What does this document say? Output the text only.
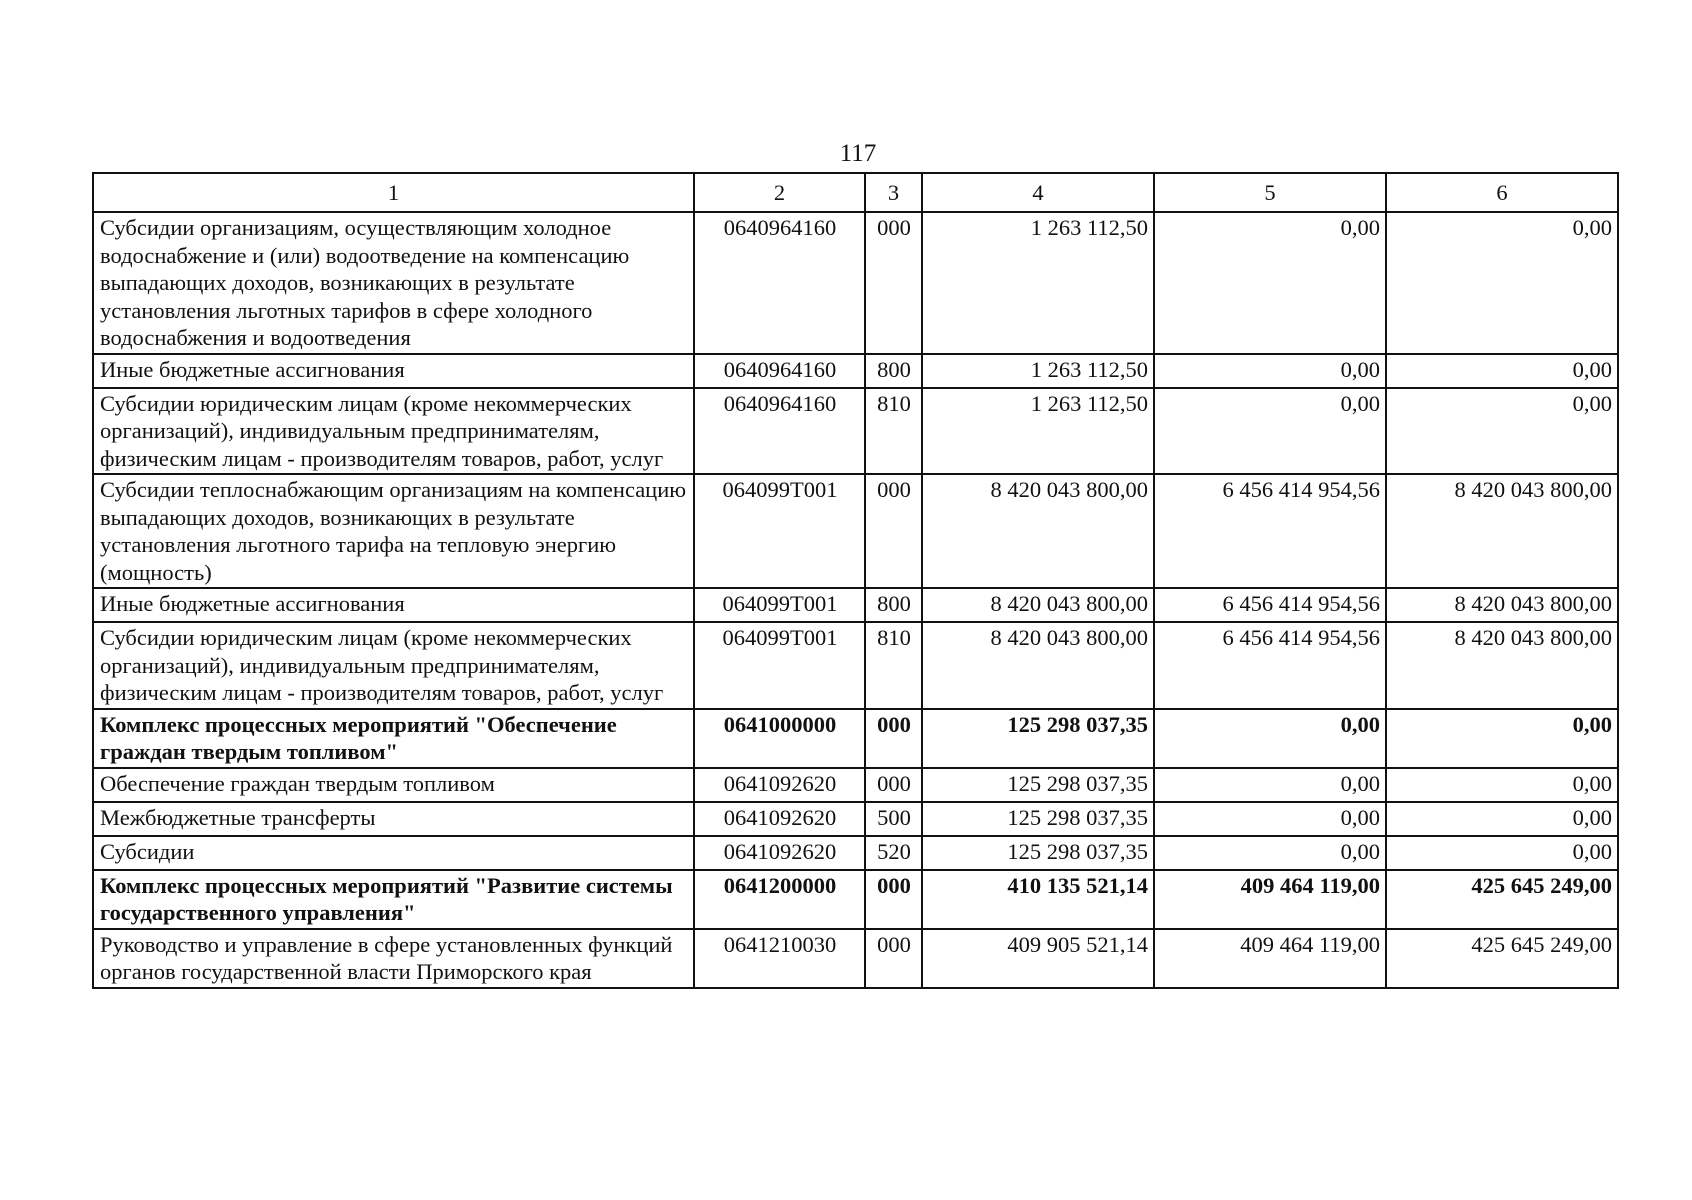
117
1	2	3	4	5	6
Субсидии организациям, осуществляющим холодное водоснабжение и (или) водоотведение на компенсацию выпадающих доходов, возникающих в результате установления льготных тарифов в сфере холодного водоснабжения и водоотведения	0640964160	000	1 263 112,50	0,00	0,00
Иные бюджетные ассигнования	0640964160	800	1 263 112,50	0,00	0,00
Субсидии юридическим лицам (кроме некоммерческих организаций), индивидуальным предпринимателям, физическим лицам - производителям товаров, работ, услуг	0640964160	810	1 263 112,50	0,00	0,00
Субсидии теплоснабжающим организациям на компенсацию выпадающих доходов, возникающих в результате установления льготного тарифа на тепловую энергию (мощность)	064099Т001	000	8 420 043 800,00	6 456 414 954,56	8 420 043 800,00
Иные бюджетные ассигнования	064099Т001	800	8 420 043 800,00	6 456 414 954,56	8 420 043 800,00
Субсидии юридическим лицам (кроме некоммерческих организаций), индивидуальным предпринимателям, физическим лицам - производителям товаров, работ, услуг	064099Т001	810	8 420 043 800,00	6 456 414 954,56	8 420 043 800,00
Комплекс процессных мероприятий "Обеспечение граждан твердым топливом"	0641000000	000	125 298 037,35	0,00	0,00
Обеспечение граждан твердым топливом	0641092620	000	125 298 037,35	0,00	0,00
Межбюджетные трансферты	0641092620	500	125 298 037,35	0,00	0,00
Субсидии	0641092620	520	125 298 037,35	0,00	0,00
Комплекс процессных мероприятий "Развитие системы государственного управления"	0641200000	000	410 135 521,14	409 464 119,00	425 645 249,00
Руководство и управление в сфере установленных функций органов государственной власти Приморского края	0641210030	000	409 905 521,14	409 464 119,00	425 645 249,00
